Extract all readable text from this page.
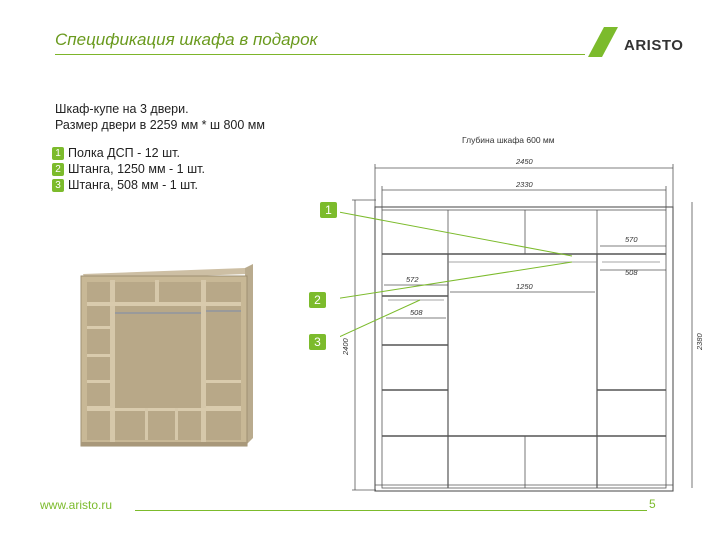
Спецификация шкафа в подарок	ARISTO
Шкаф-купе на 3 двери.
Размер двери в 2259 мм * ш 800 мм
1 Полка ДСП - 12 шт.
2 Штанга, 1250 мм - 1 шт.
3 Штанга, 508 мм - 1 шт.
Глубина шкафа 600 мм
2450
2330
570
508
572
1250
508
2400	2380
1
2
3
www.aristo.ru	5
